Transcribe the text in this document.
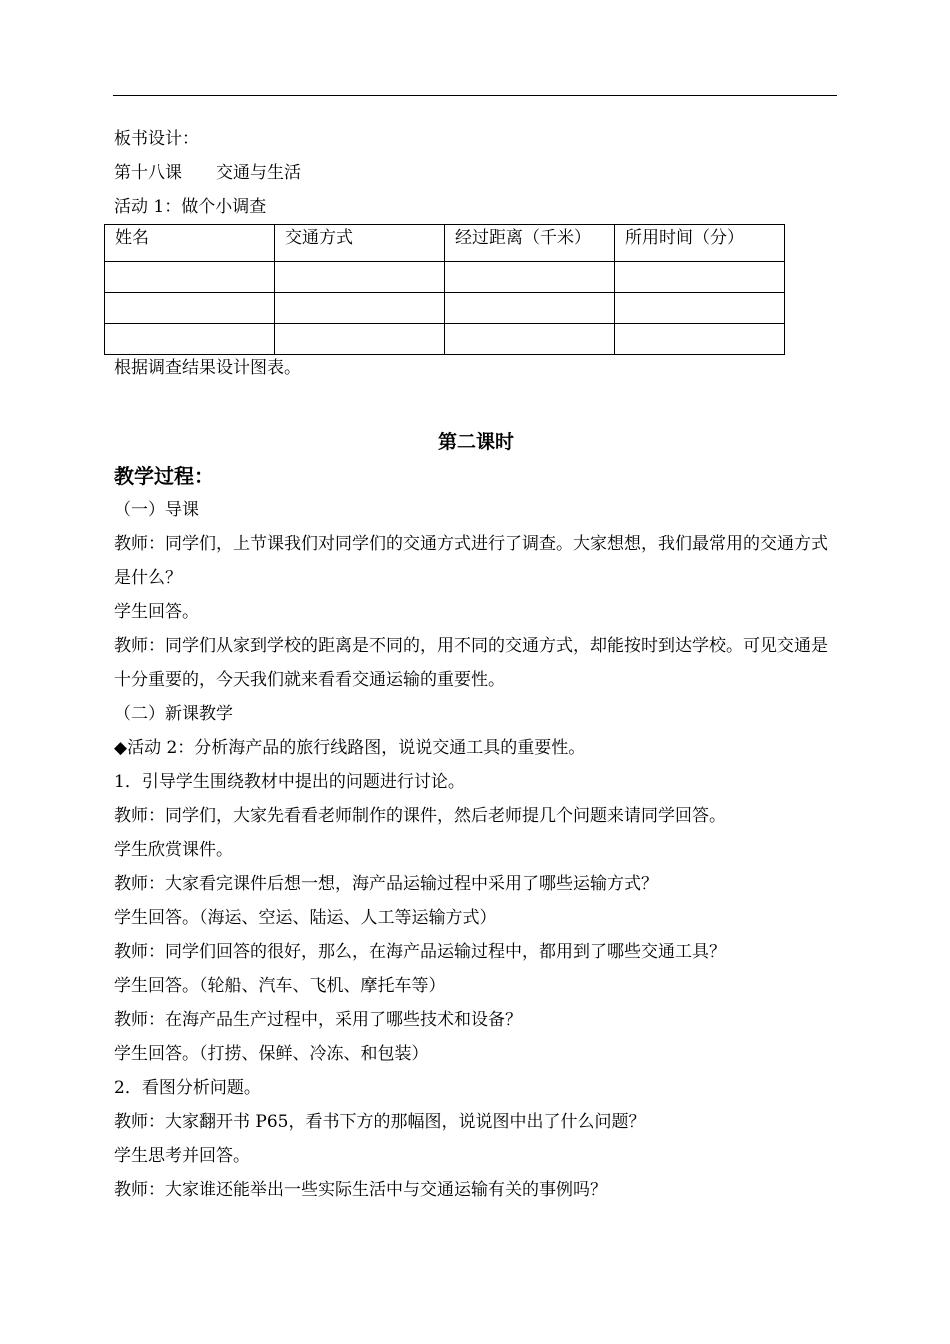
板书设计：
第十八课 交通与生活
活动 1：做个小调查
姓名	交通方式	经过距离（千米）	所用时间（分）

根据调查结果设计图表。
第二课时
教学过程：
（一）导课
教师：同学们，上节课我们对同学们的交通方式进行了调查。大家想想，我们最常用的交通方式是什么？
学生回答。
教师：同学们从家到学校的距离是不同的，用不同的交通方式，却能按时到达学校。可见交通是十分重要的，今天我们就来看看交通运输的重要性。
（二）新课教学
◆活动 2：分析海产品的旅行线路图，说说交通工具的重要性。
1．引导学生围绕教材中提出的问题进行讨论。
教师：同学们，大家先看看老师制作的课件，然后老师提几个问题来请同学回答。
学生欣赏课件。
教师：大家看完课件后想一想，海产品运输过程中采用了哪些运输方式？
学生回答。（海运、空运、陆运、人工等运输方式）
教师：同学们回答的很好，那么，在海产品运输过程中，都用到了哪些交通工具？
学生回答。（轮船、汽车、飞机、摩托车等）
教师：在海产品生产过程中，采用了哪些技术和设备？
学生回答。（打捞、保鲜、冷冻、和包装）
2．看图分析问题。
教师：大家翻开书 P65，看书下方的那幅图，说说图中出了什么问题？
学生思考并回答。
教师：大家谁还能举出一些实际生活中与交通运输有关的事例吗？
